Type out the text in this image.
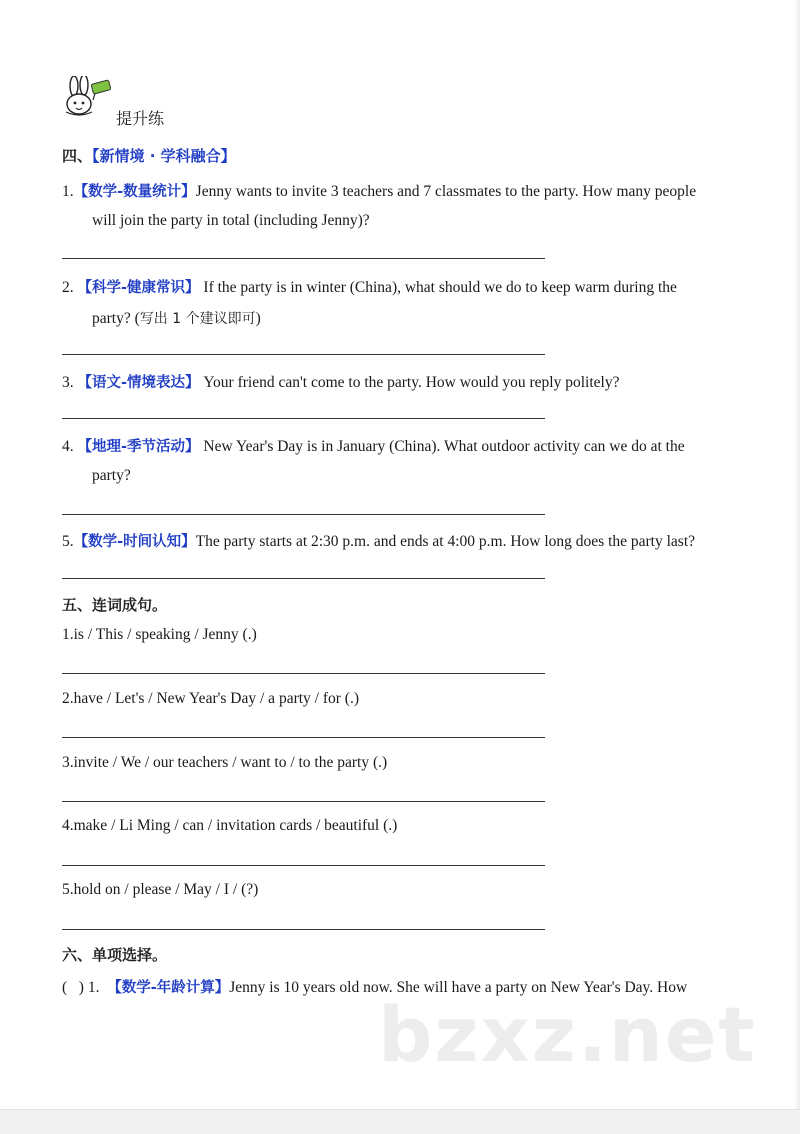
提升练
四、【新情境 · 学科融合】
1.【数学-数量统计】Jenny wants to invite 3 teachers and 7 classmates to the party. How many people
will join the party in total (including Jenny)?
2. 【科学-健康常识】 If the party is in winter (China), what should we do to keep warm during the
party? (写出 1 个建议即可)
3. 【语文-情境表达】 Your friend can't come to the party. How would you reply politely?
4. 【地理-季节活动】 New Year's Day is in January (China). What outdoor activity can we do at the
party?
5.【数学-时间认知】The party starts at 2:30 p.m. and ends at 4:00 p.m. How long does the party last?
五、连词成句。
1.is / This / speaking / Jenny (.)
2.have / Let's / New Year's Day / a party / for (.)
3.invite / We / our teachers / want to / to the party (.)
4.make / Li Ming / can / invitation cards / beautiful (.)
5.hold on / please / May / I / (?)
六、单项选择。
(   ) 1.  【数学-年龄计算】Jenny is 10 years old now. She will have a party on New Year's Day. How
bzxz.net
